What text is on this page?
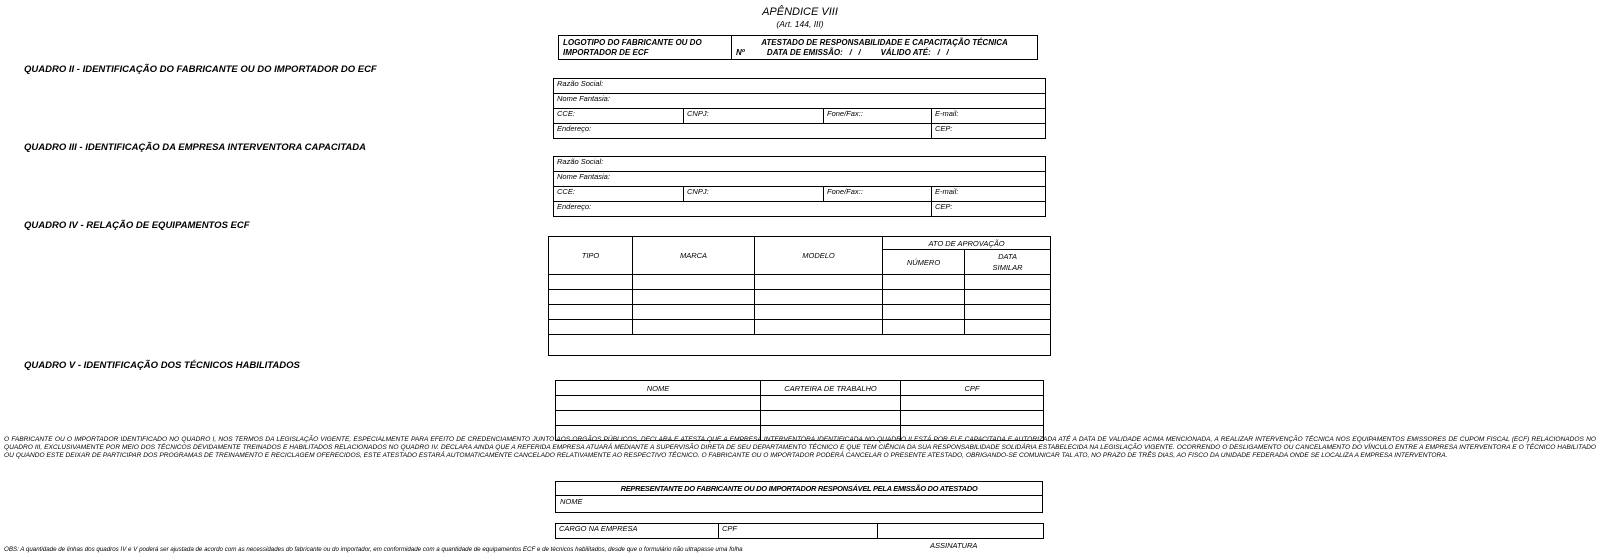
APÊNDICE VIII
(Art. 144, III)
LOGOTIPO DO FABRICANTE OU DO
IMPORTADOR DE ECF
ATESTADO DE RESPONSABILIDADE E CAPACITAÇÃO TÉCNICA
Nº          DATA DE EMISSÃO:   /   /         VÁLIDO ATÉ:   /   /
QUADRO II - IDENTIFICAÇÃO DO FABRICANTE OU DO IMPORTADOR DO ECF
Razão Social:			
Nome Fantasia:			
CCE:	CNPJ:	Fone/Fax::	E-mail:
Endereço:			CEP:
QUADRO III - IDENTIFICAÇÃO DA EMPRESA INTERVENTORA CAPACITADA
Razão Social:			
Nome Fantasia:			
CCE:	CNPJ:	Fone/Fax::	E-mail:
Endereço:			CEP:
QUADRO IV - RELAÇÃO DE EQUIPAMENTOS ECF
TIPO	MARCA	MODELO	ATO DE APROVAÇÃO	
			NÚMERO	DATA
SIMILAR

QUADRO V - IDENTIFICAÇÃO DOS TÉCNICOS HABILITADOS
NOME	CARTEIRA DE TRABALHO	CPF

O FABRICANTE OU O IMPORTADOR IDENTIFICADO NO QUADRO I, NOS TERMOS DA LEGISLAÇÃO VIGENTE, ESPECIALMENTE PARA EFEITO DE CREDENCIAMENTO JUNTO AOS ORGÃOS PÚBLICOS, DECLARA E ATESTA QUE A EMPRESA INTERVENTORA IDENTIFICADA NO QUADRO II ESTÁ POR ELE CAPACITADA E AUTORIZADA ATÉ A DATA DE VALIDADE ACIMA MENCIONADA, A REALIZAR INTERVENÇÃO TÉCNICA NOS EQUIPAMENTOS EMISSORES DE CUPOM FISCAL (ECF) RELACIONADOS NO QUADRO III, EXCLUSIVAMENTE POR MEIO DOS TÉCNICOS DEVIDAMENTE TREINADOS E HABILITADOS RELACIONADOS NO QUADRO IV. DECLARA AINDA QUE A REFERIDA EMPRESA ATUARÁ MEDIANTE A SUPERVISÃO DIRETA DE SEU DEPARTAMENTO TÉCNICO E QUE TEM CIÊNCIA DA SUA RESPONSABILIDADE SOLIDÁRIA ESTABELECIDA NA LEGISLAÇÃO VIGENTE. OCORRENDO O DESLIGAMENTO OU CANCELAMENTO DO VÍNCULO ENTRE A EMPRESA INTERVENTORA E O TÉCNICO HABILITADO OU QUANDO ESTE DEIXAR DE PARTICIPAR DOS PROGRAMAS DE TREINAMENTO E RECICLAGEM OFERECIDOS, ESTE ATESTADO ESTARÁ AUTOMATICAMENTE CANCELADO RELATIVAMENTE AO RESPECTIVO TÉCNICO. O FABRICANTE OU O IMPORTADOR PODERÁ CANCELAR O PRESENTE ATESTADO, OBRIGANDO-SE COMUNICAR TAL ATO, NO PRAZO DE TRÊS DIAS, AO FISCO DA UNIDADE FEDERADA ONDE SE LOCALIZA A EMPRESA INTERVENTORA.
REPRESENTANTE DO FABRICANTE OU DO IMPORTADOR RESPONSÁVEL PELA EMISSÃO DO ATESTADO
NOME
CARGO NA EMPRESA	CPF	
ASSINATURA
OBS: A quantidade de linhas dos quadros IV e V poderá ser ajustada de acordo com as necessidades do fabricante ou do importador, em conformidade com a quantidade de equipamentos ECF e de técnicos habilitados, desde que o formulário não ultrapasse uma folha
